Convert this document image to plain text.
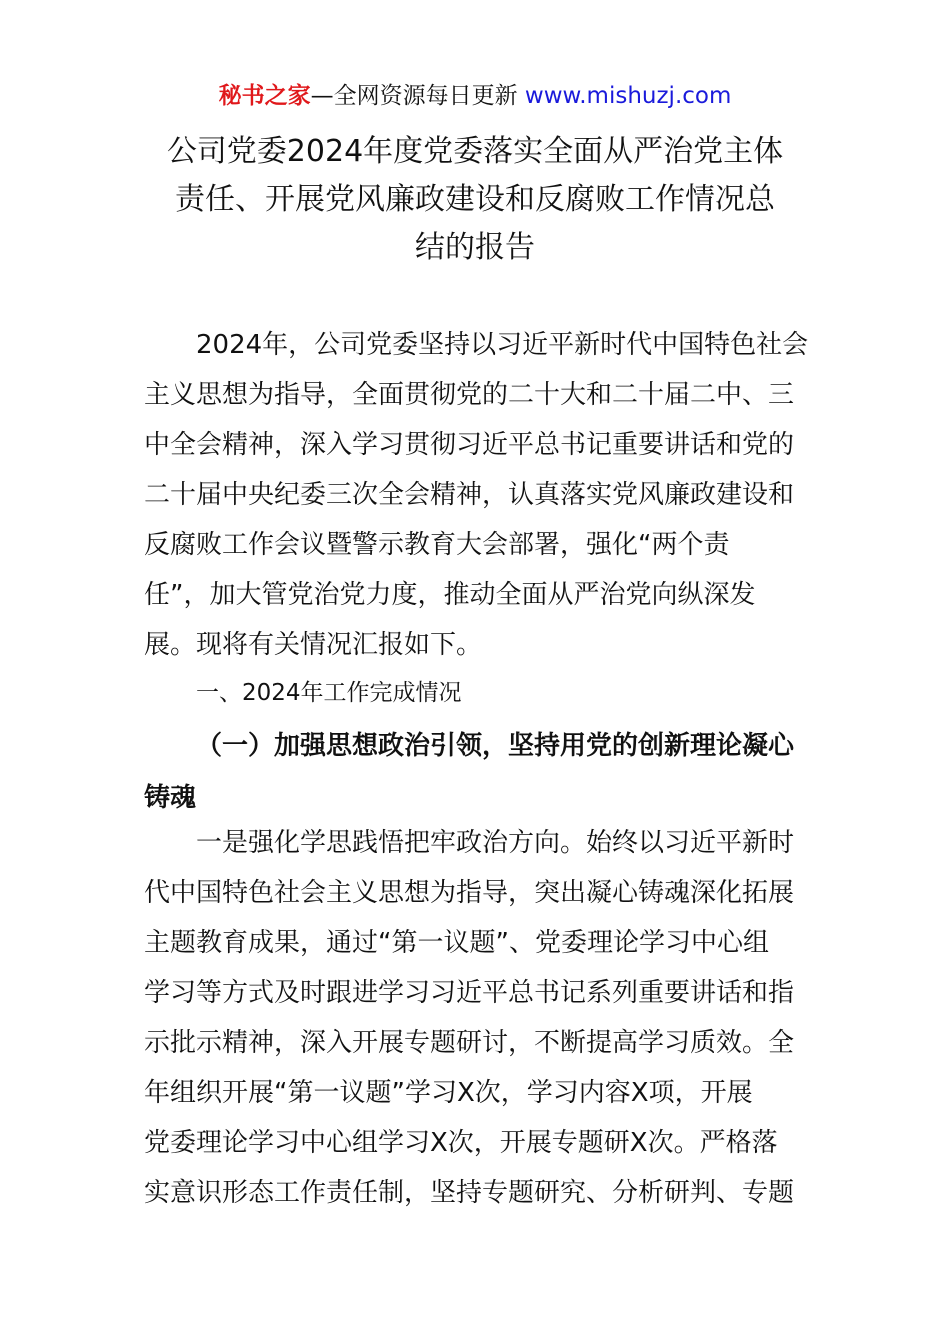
秘书之家—全网资源每日更新 www.mishuzj.com
公司党委2024年度党委落实全面从严治党主体
责任、开展党风廉政建设和反腐败工作情况总
结的报告
2024年，公司党委坚持以习近平新时代中国特色社会
主义思想为指导，全面贯彻党的二十大和二十届二中、三
中全会精神，深入学习贯彻习近平总书记重要讲话和党的
二十届中央纪委三次全会精神，认真落实党风廉政建设和
反腐败工作会议暨警示教育大会部署，强化“两个责
任”，加大管党治党力度，推动全面从严治党向纵深发
展。现将有关情况汇报如下。
一、2024年工作完成情况
（一）加强思想政治引领，坚持用党的创新理论凝心
铸魂
一是强化学思践悟把牢政治方向。始终以习近平新时
代中国特色社会主义思想为指导，突出凝心铸魂深化拓展
主题教育成果，通过“第一议题”、党委理论学习中心组
学习等方式及时跟进学习习近平总书记系列重要讲话和指
示批示精神，深入开展专题研讨，不断提高学习质效。全
年组织开展“第一议题”学习X次，学习内容X项，开展
党委理论学习中心组学习X次，开展专题研X次。严格落
实意识形态工作责任制，坚持专题研究、分析研判、专题
